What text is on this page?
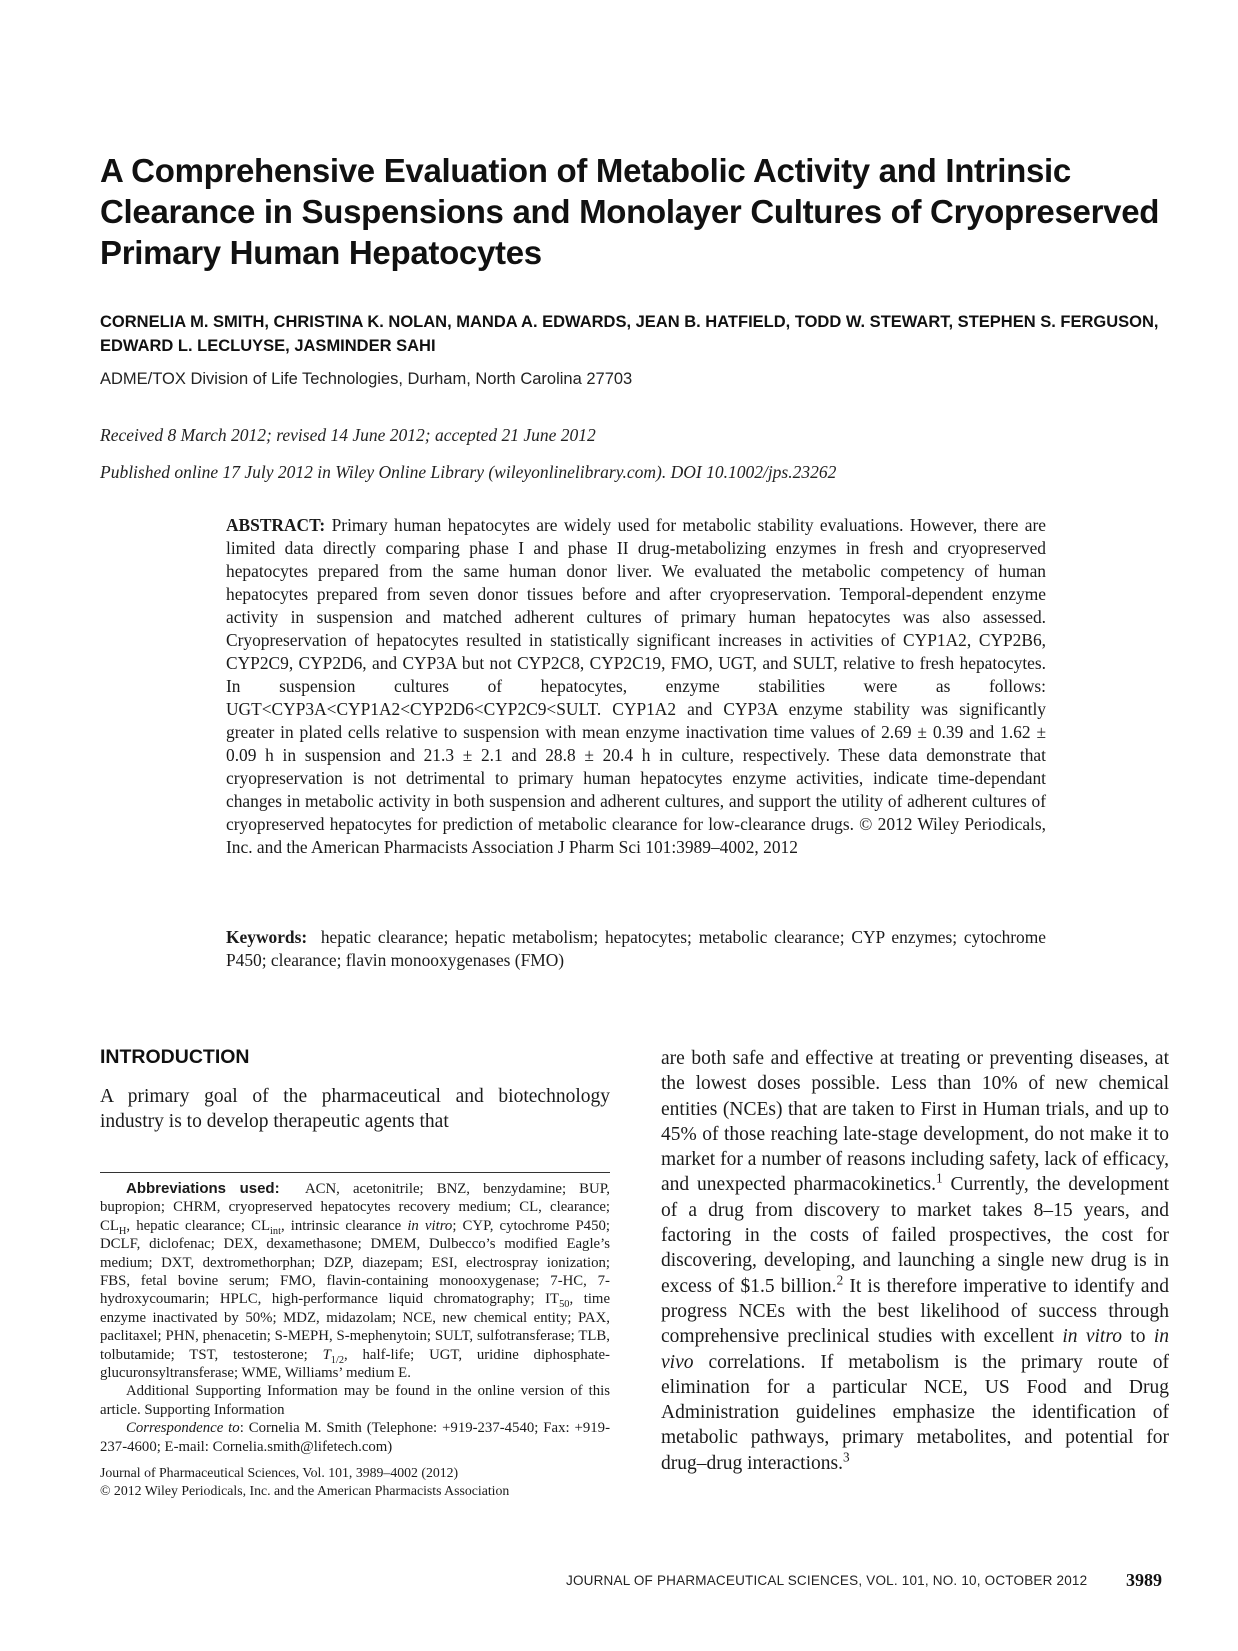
A Comprehensive Evaluation of Metabolic Activity and Intrinsic Clearance in Suspensions and Monolayer Cultures of Cryopreserved Primary Human Hepatocytes

CORNELIA M. SMITH, CHRISTINA K. NOLAN, MANDA A. EDWARDS, JEAN B. HATFIELD, TODD W. STEWART, STEPHEN S. FERGUSON, EDWARD L. LECLUYSE, JASMINDER SAHI

ADME/TOX Division of Life Technologies, Durham, North Carolina 27703

Received 8 March 2012; revised 14 June 2012; accepted 21 June 2012

Published online 17 July 2012 in Wiley Online Library (wileyonlinelibrary.com). DOI 10.1002/jps.23262

ABSTRACT: Primary human hepatocytes are widely used for metabolic stability evaluations. However, there are limited data directly comparing phase I and phase II drug-metabolizing enzymes in fresh and cryopreserved hepatocytes prepared from the same human donor liver. We evaluated the metabolic competency of human hepatocytes prepared from seven donor tissues before and after cryopreservation. Temporal-dependent enzyme activity in suspension and matched adherent cultures of primary human hepatocytes was also assessed. Cryopreservation of hepatocytes resulted in statistically significant increases in activities of CYP1A2, CYP2B6, CYP2C9, CYP2D6, and CYP3A but not CYP2C8, CYP2C19, FMO, UGT, and SULT, relative to fresh hepatocytes. In suspension cultures of hepatocytes, enzyme stabilities were as follows: UGT<CYP3A<CYP1A2<CYP2D6<CYP2C9<SULT. CYP1A2 and CYP3A enzyme stability was significantly greater in plated cells relative to suspension with mean enzyme inactivation time values of 2.69 ± 0.39 and 1.62 ± 0.09 h in suspension and 21.3 ± 2.1 and 28.8 ± 20.4 h in culture, respectively. These data demonstrate that cryopreservation is not detrimental to primary human hepatocytes enzyme activities, indicate time-dependant changes in metabolic activity in both suspension and adherent cultures, and support the utility of adherent cultures of cryopreserved hepatocytes for prediction of metabolic clearance for low-clearance drugs. © 2012 Wiley Periodicals, Inc. and the American Pharmacists Association J Pharm Sci 101:3989–4002, 2012

Keywords: hepatic clearance; hepatic metabolism; hepatocytes; metabolic clearance; CYP enzymes; cytochrome P450; clearance; flavin monooxygenases (FMO)

INTRODUCTION

A primary goal of the pharmaceutical and biotechnology industry is to develop therapeutic agents that

Abbreviations used: ACN, acetonitrile; BNZ, benzydamine; BUP, bupropion; CHRM, cryopreserved hepatocytes recovery medium; CL, clearance; $CL_H$, hepatic clearance; $CL_{int}$, intrinsic clearance in vitro; CYP, cytochrome P450; DCLF, diclofenac; DEX, dexamethasone; DMEM, Dulbecco’s modified Eagle’s medium; DXT, dextromethorphan; DZP, diazepam; ESI, electrospray ionization; FBS, fetal bovine serum; FMO, flavin-containing monooxygenase; 7-HC, 7-hydroxycoumarin; HPLC, high-performance liquid chromatography; $IT_{50}$, time enzyme inactivated by 50%; MDZ, midazolam; NCE, new chemical entity; PAX, paclitaxel; PHN, phenacetin; S-MEPH, S-mephenytoin; SULT, sulfotransferase; TLB, tolbutamide; TST, testosterone; $T_{1/2}$, half-life; UGT, uridine diphosphate-glucuronsyltransferase; WME, Williams’ medium E.

Additional Supporting Information may be found in the online version of this article. Supporting Information

Correspondence to: Cornelia M. Smith (Telephone: +919-237-4540; Fax: +919-237-4600; E-mail: Cornelia.smith@lifetech.com)

Journal of Pharmaceutical Sciences, Vol. 101, 3989–4002 (2012)
© 2012 Wiley Periodicals, Inc. and the American Pharmacists Association

are both safe and effective at treating or preventing diseases, at the lowest doses possible. Less than 10% of new chemical entities (NCEs) that are taken to First in Human trials, and up to 45% of those reaching late-stage development, do not make it to market for a number of reasons including safety, lack of efficacy, and unexpected pharmacokinetics.$^1$ Currently, the development of a drug from discovery to market takes 8–15 years, and factoring in the costs of failed prospectives, the cost for discovering, developing, and launching a single new drug is in excess of $1.5 billion.$^2$ It is therefore imperative to identify and progress NCEs with the best likelihood of success through comprehensive preclinical studies with excellent in vitro to in vivo correlations. If metabolism is the primary route of elimination for a particular NCE, US Food and Drug Administration guidelines emphasize the identification of metabolic pathways, primary metabolites, and potential for drug–drug interactions.$^3$

JOURNAL OF PHARMACEUTICAL SCIENCES, VOL. 101, NO. 10, OCTOBER 2012 3989
